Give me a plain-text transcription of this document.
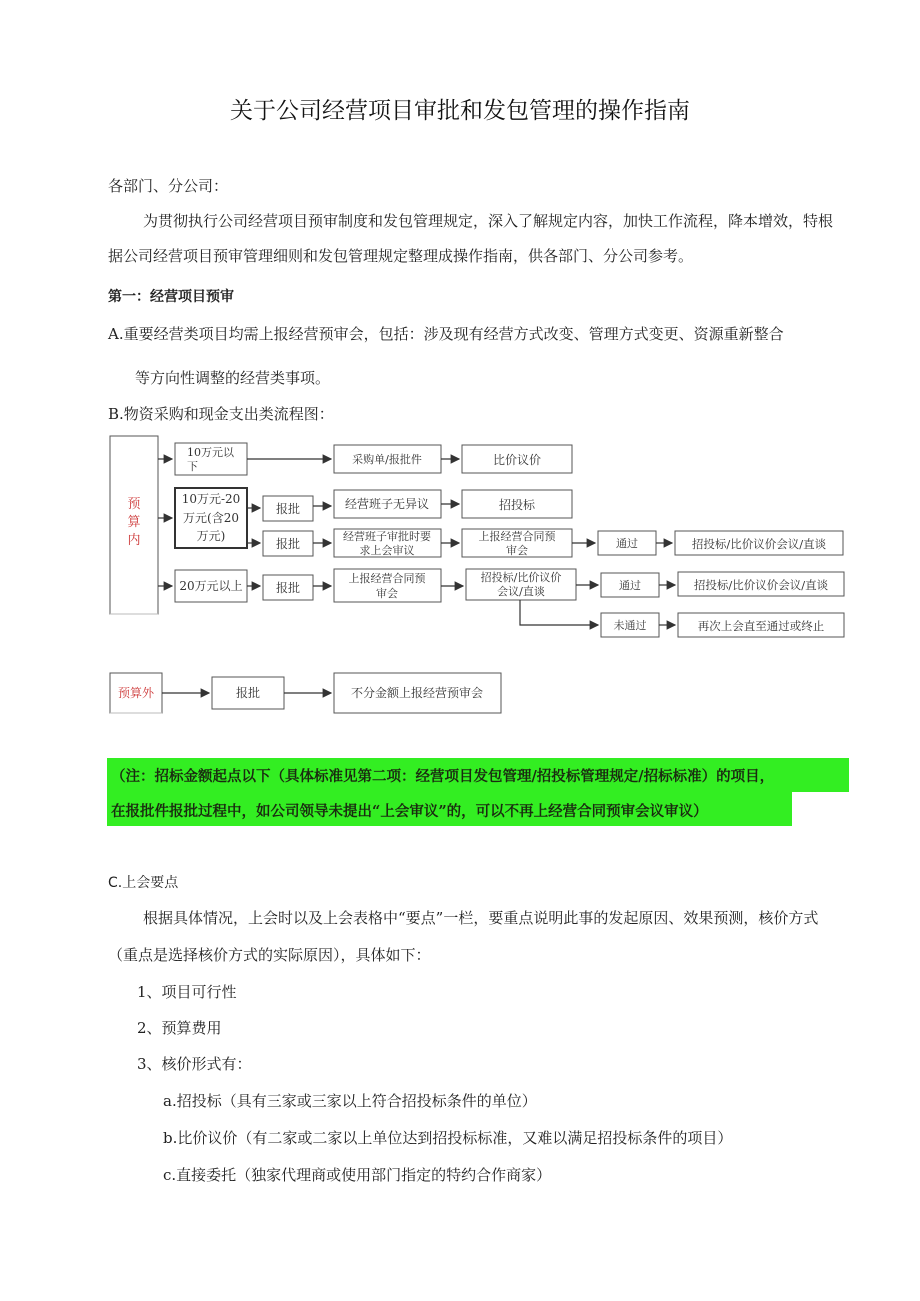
关于公司经营项目审批和发包管理的操作指南
各部门、分公司：
为贯彻执行公司经营项目预审制度和发包管理规定，深入了解规定内容，加快工作流程，降本增效，特根
据公司经营项目预审管理细则和发包管理规定整理成操作指南，供各部门、分公司参考。
第一：经营项目预审
A.重要经营类项目均需上报经营预审会，包括：涉及现有经营方式改变、管理方式变更、资源重新整合
等方向性调整的经营类事项。
B.物资采购和现金支出类流程图：
预
算
内
10万元以
下
10万元-20
万元(含20
万元)
20万元以上
采购单/报批件	比价议价
报批	经营班子无异议	招投标
报批
经营班子审批时要
求上会审议
上报经营合同预
审会
通过	招投标/比价议价会议/直谈
报批
上报经营合同预
审会
招投标/比价议价
会议/直谈	通过	招投标/比价议价会议/直谈
未通过	再次上会直至通过或终止
预算外	报批	不分金额上报经营预审会
（注：招标金额起点以下（具体标准见第二项：经营项目发包管理/招投标管理规定/招标标准）的项目，
在报批件报批过程中，如公司领导未提出“上会审议”的，可以不再上经营合同预审会议审议）
C.上会要点
根据具体情况，上会时以及上会表格中“要点”一栏，要重点说明此事的发起原因、效果预测，核价方式
（重点是选择核价方式的实际原因），具体如下：
1、项目可行性
2、预算费用
3、核价形式有：
a.招投标（具有三家或三家以上符合招投标条件的单位）
b.比价议价（有二家或二家以上单位达到招投标标准，又难以满足招投标条件的项目）
c.直接委托（独家代理商或使用部门指定的特约合作商家）
